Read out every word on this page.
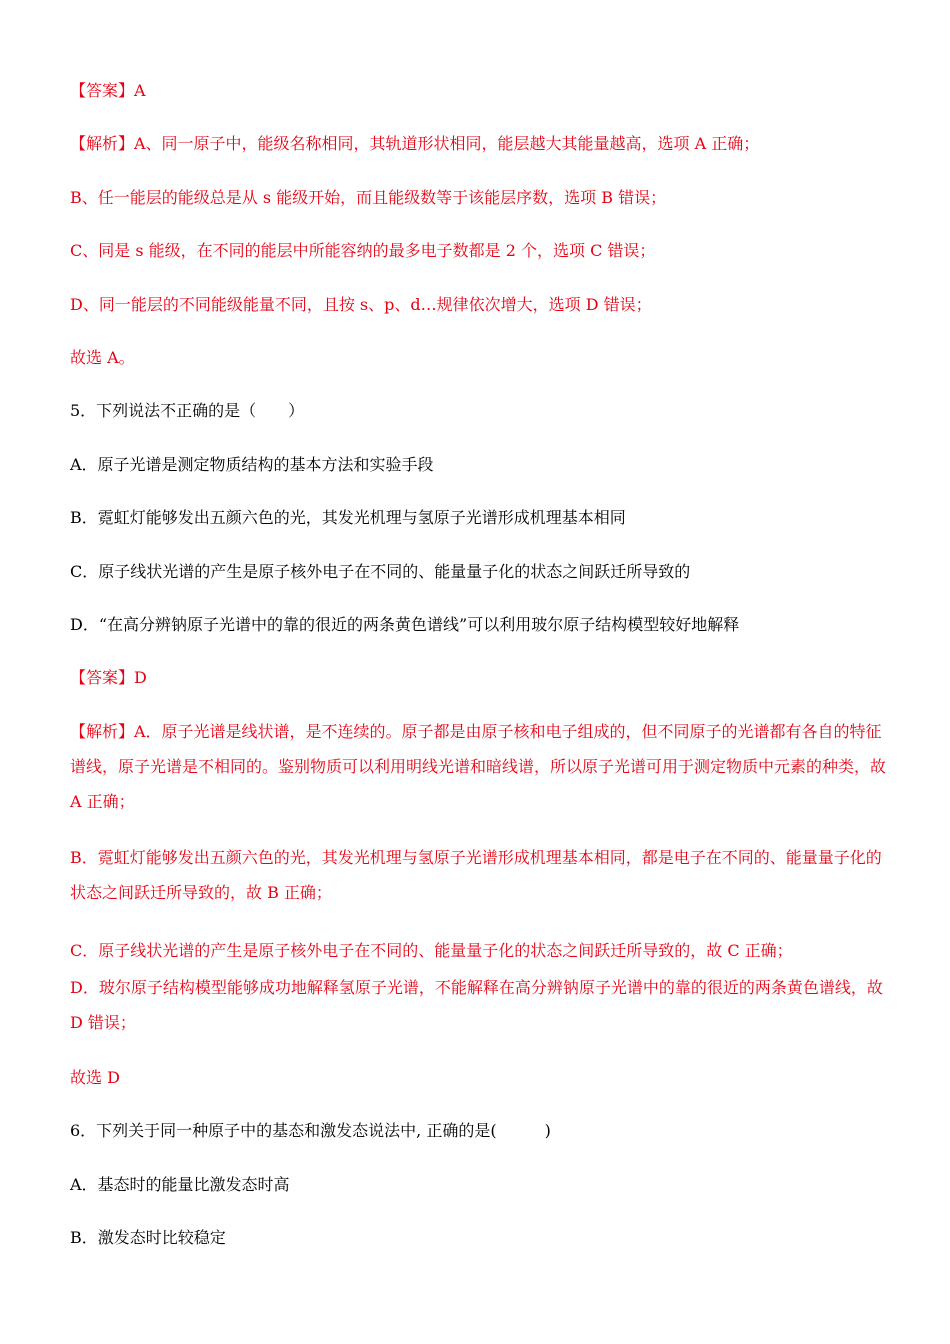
【答案】A
【解析】A、同一原子中，能级名称相同，其轨道形状相同，能层越大其能量越高，选项 A 正确；
B、任一能层的能级总是从 s 能级开始，而且能级数等于该能层序数，选项 B 错误；
C、同是 s 能级，在不同的能层中所能容纳的最多电子数都是 2 个，选项 C 错误；
D、同一能层的不同能级能量不同，且按 s、p、d…规律依次增大，选项 D 错误；
故选 A。
5．下列说法不正确的是（　　）
A．原子光谱是测定物质结构的基本方法和实验手段
B．霓虹灯能够发出五颜六色的光，其发光机理与氢原子光谱形成机理基本相同
C．原子线状光谱的产生是原子核外电子在不同的、能量量子化的状态之间跃迁所导致的
D．“在高分辨钠原子光谱中的靠的很近的两条黄色谱线”可以利用玻尔原子结构模型较好地解释
【答案】D
【解析】A．原子光谱是线状谱，是不连续的。原子都是由原子核和电子组成的，但不同原子的光谱都有各自的特征谱线，原子光谱是不相同的。鉴别物质可以利用明线光谱和暗线谱，所以原子光谱可用于测定物质中元素的种类，故 A 正确；
B．霓虹灯能够发出五颜六色的光，其发光机理与氢原子光谱形成机理基本相同，都是电子在不同的、能量量子化的状态之间跃迁所导致的，故 B 正确；
C．原子线状光谱的产生是原子核外电子在不同的、能量量子化的状态之间跃迁所导致的，故 C 正确；
D．玻尔原子结构模型能够成功地解释氢原子光谱，不能解释在高分辨钠原子光谱中的靠的很近的两条黄色谱线，故 D 错误；
故选 D
6．下列关于同一种原子中的基态和激发态说法中, 正确的是(　　　)
A．基态时的能量比激发态时高
B．激发态时比较稳定
